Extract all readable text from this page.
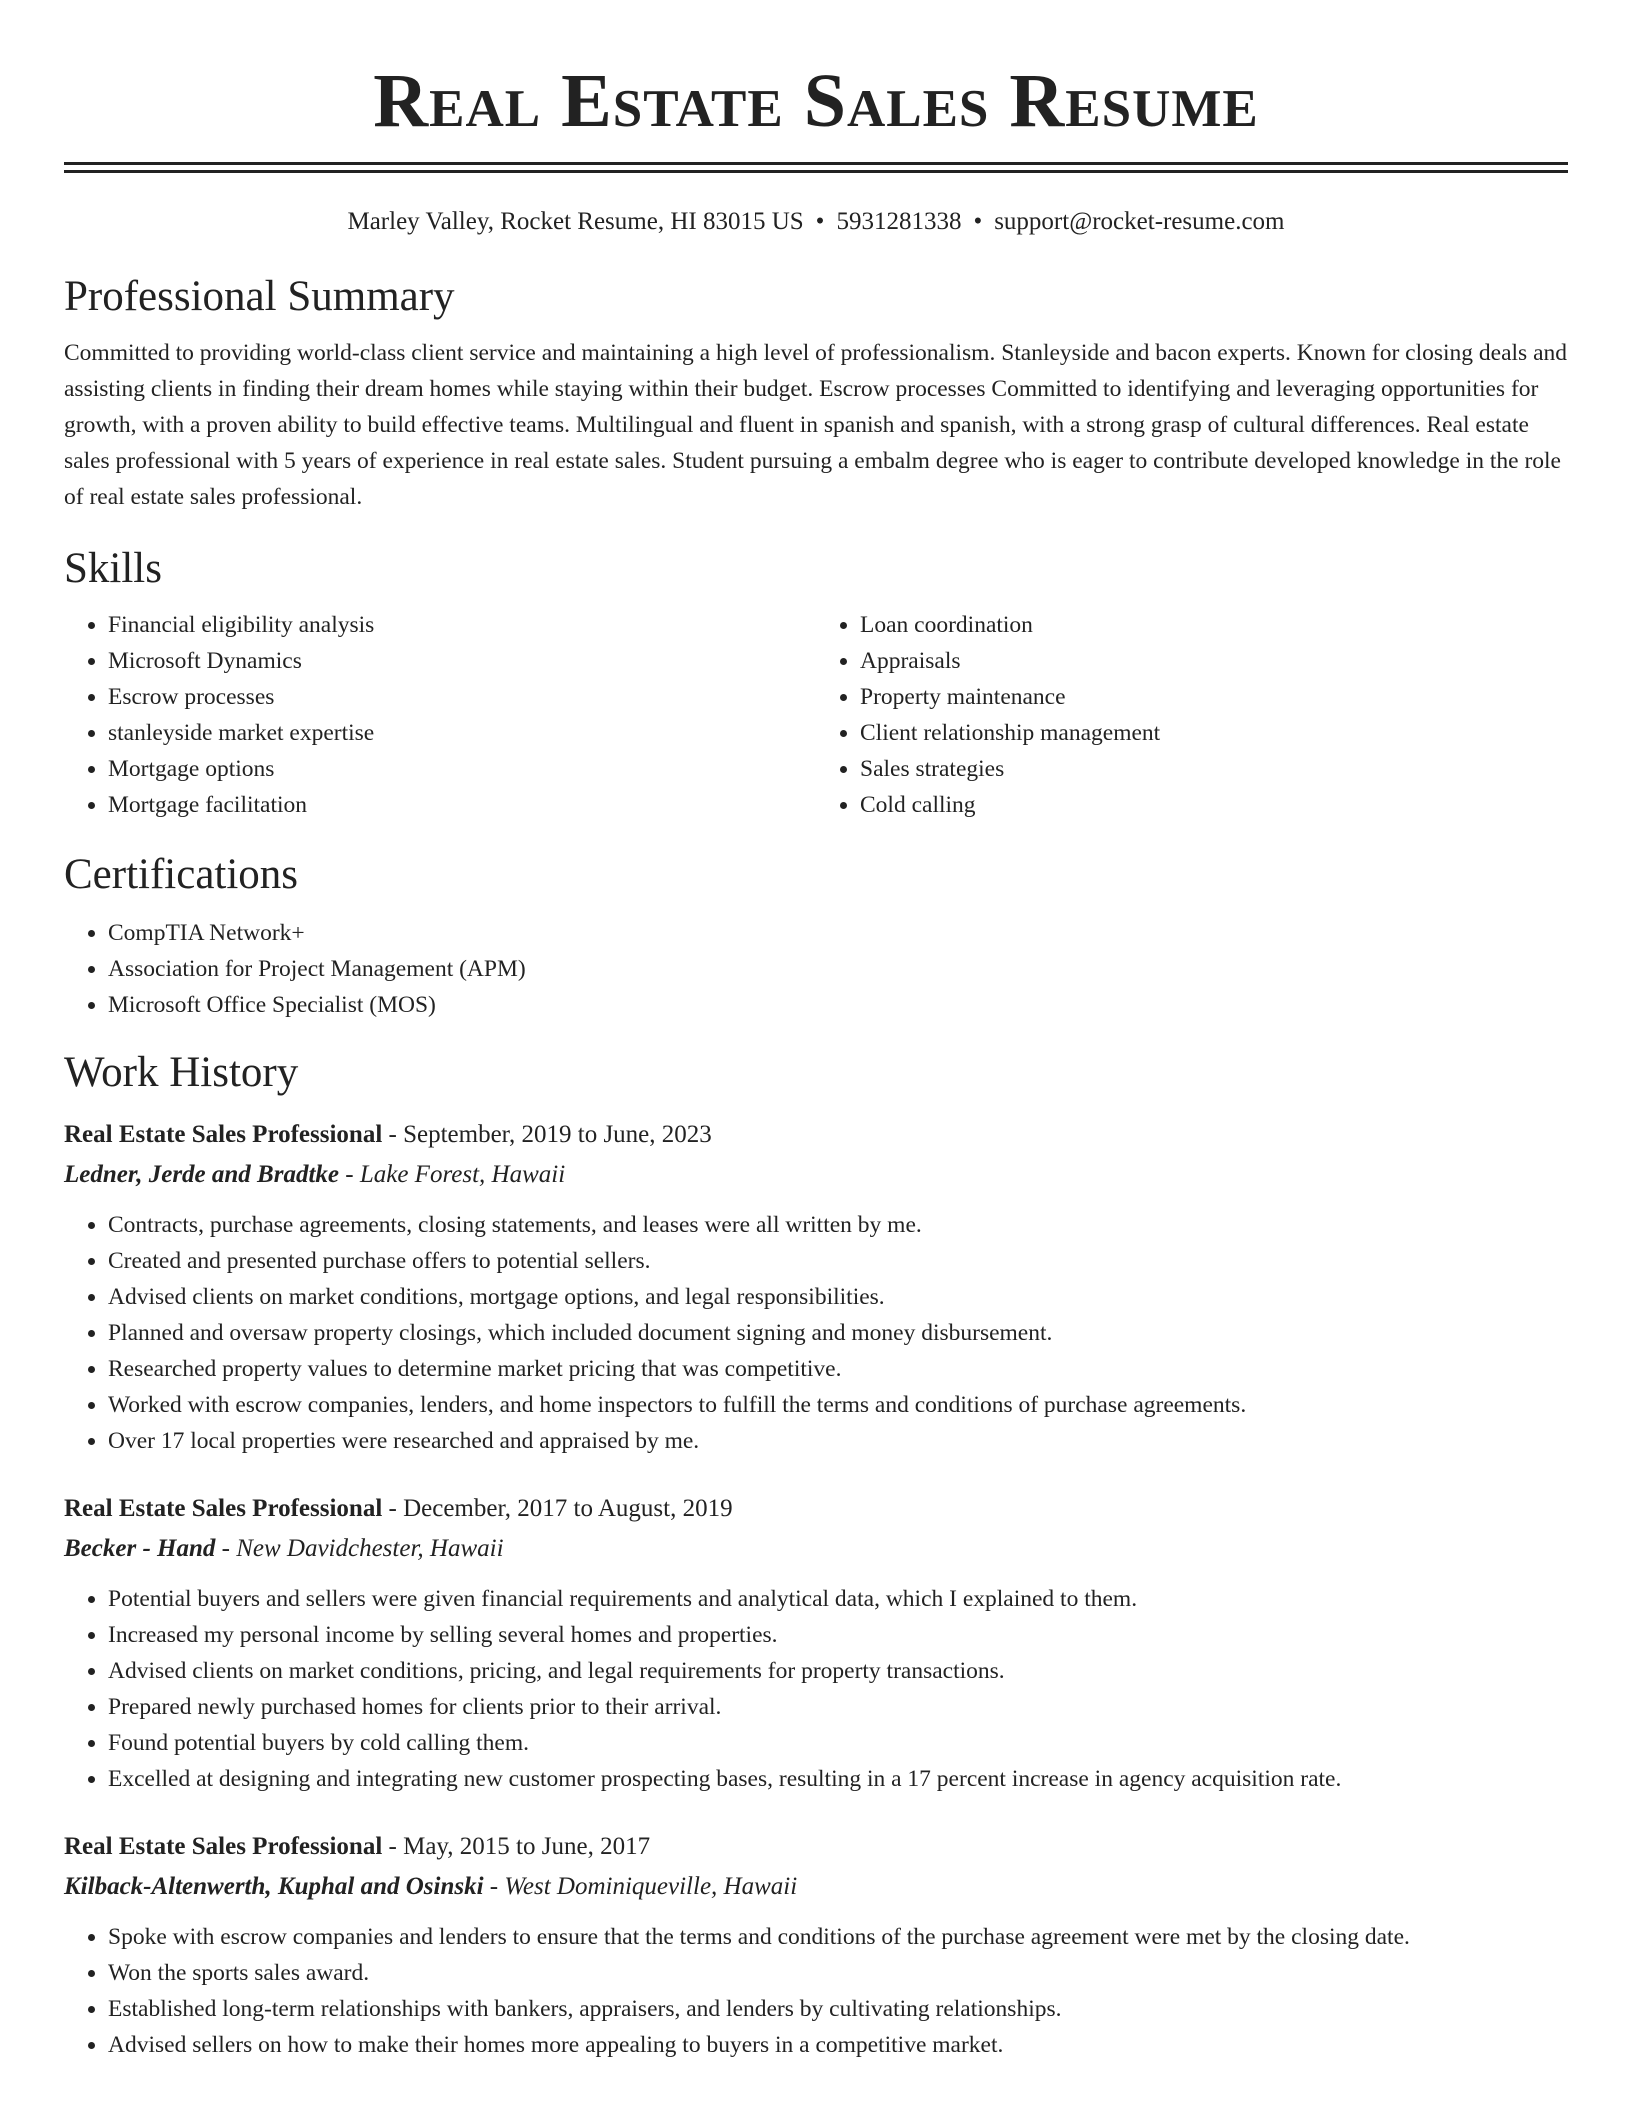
Real Estate Sales Resume
Marley Valley, Rocket Resume, HI 83015 US • 5931281338 • support@rocket-resume.com
Professional Summary
Committed to providing world-class client service and maintaining a high level of professionalism. Stanleyside and bacon experts. Known for closing deals and assisting clients in finding their dream homes while staying within their budget. Escrow processes Committed to identifying and leveraging opportunities for growth, with a proven ability to build effective teams. Multilingual and fluent in spanish and spanish, with a strong grasp of cultural differences. Real estate sales professional with 5 years of experience in real estate sales. Student pursuing a embalm degree who is eager to contribute developed knowledge in the role of real estate sales professional.
Skills
• Financial eligibility analysis
• Microsoft Dynamics
• Escrow processes
• stanleyside market expertise
• Mortgage options
• Mortgage facilitation
• Loan coordination
• Appraisals
• Property maintenance
• Client relationship management
• Sales strategies
• Cold calling
Certifications
• CompTIA Network+
• Association for Project Management (APM)
• Microsoft Office Specialist (MOS)
Work History
Real Estate Sales Professional - September, 2019 to June, 2023
Ledner, Jerde and Bradtke - Lake Forest, Hawaii
• Contracts, purchase agreements, closing statements, and leases were all written by me.
• Created and presented purchase offers to potential sellers.
• Advised clients on market conditions, mortgage options, and legal responsibilities.
• Planned and oversaw property closings, which included document signing and money disbursement.
• Researched property values to determine market pricing that was competitive.
• Worked with escrow companies, lenders, and home inspectors to fulfill the terms and conditions of purchase agreements.
• Over 17 local properties were researched and appraised by me.
Real Estate Sales Professional - December, 2017 to August, 2019
Becker - Hand - New Davidchester, Hawaii
• Potential buyers and sellers were given financial requirements and analytical data, which I explained to them.
• Increased my personal income by selling several homes and properties.
• Advised clients on market conditions, pricing, and legal requirements for property transactions.
• Prepared newly purchased homes for clients prior to their arrival.
• Found potential buyers by cold calling them.
• Excelled at designing and integrating new customer prospecting bases, resulting in a 17 percent increase in agency acquisition rate.
Real Estate Sales Professional - May, 2015 to June, 2017
Kilback-Altenwerth, Kuphal and Osinski - West Dominiqueville, Hawaii
• Spoke with escrow companies and lenders to ensure that the terms and conditions of the purchase agreement were met by the closing date.
• Won the sports sales award.
• Established long-term relationships with bankers, appraisers, and lenders by cultivating relationships.
• Advised sellers on how to make their homes more appealing to buyers in a competitive market.
